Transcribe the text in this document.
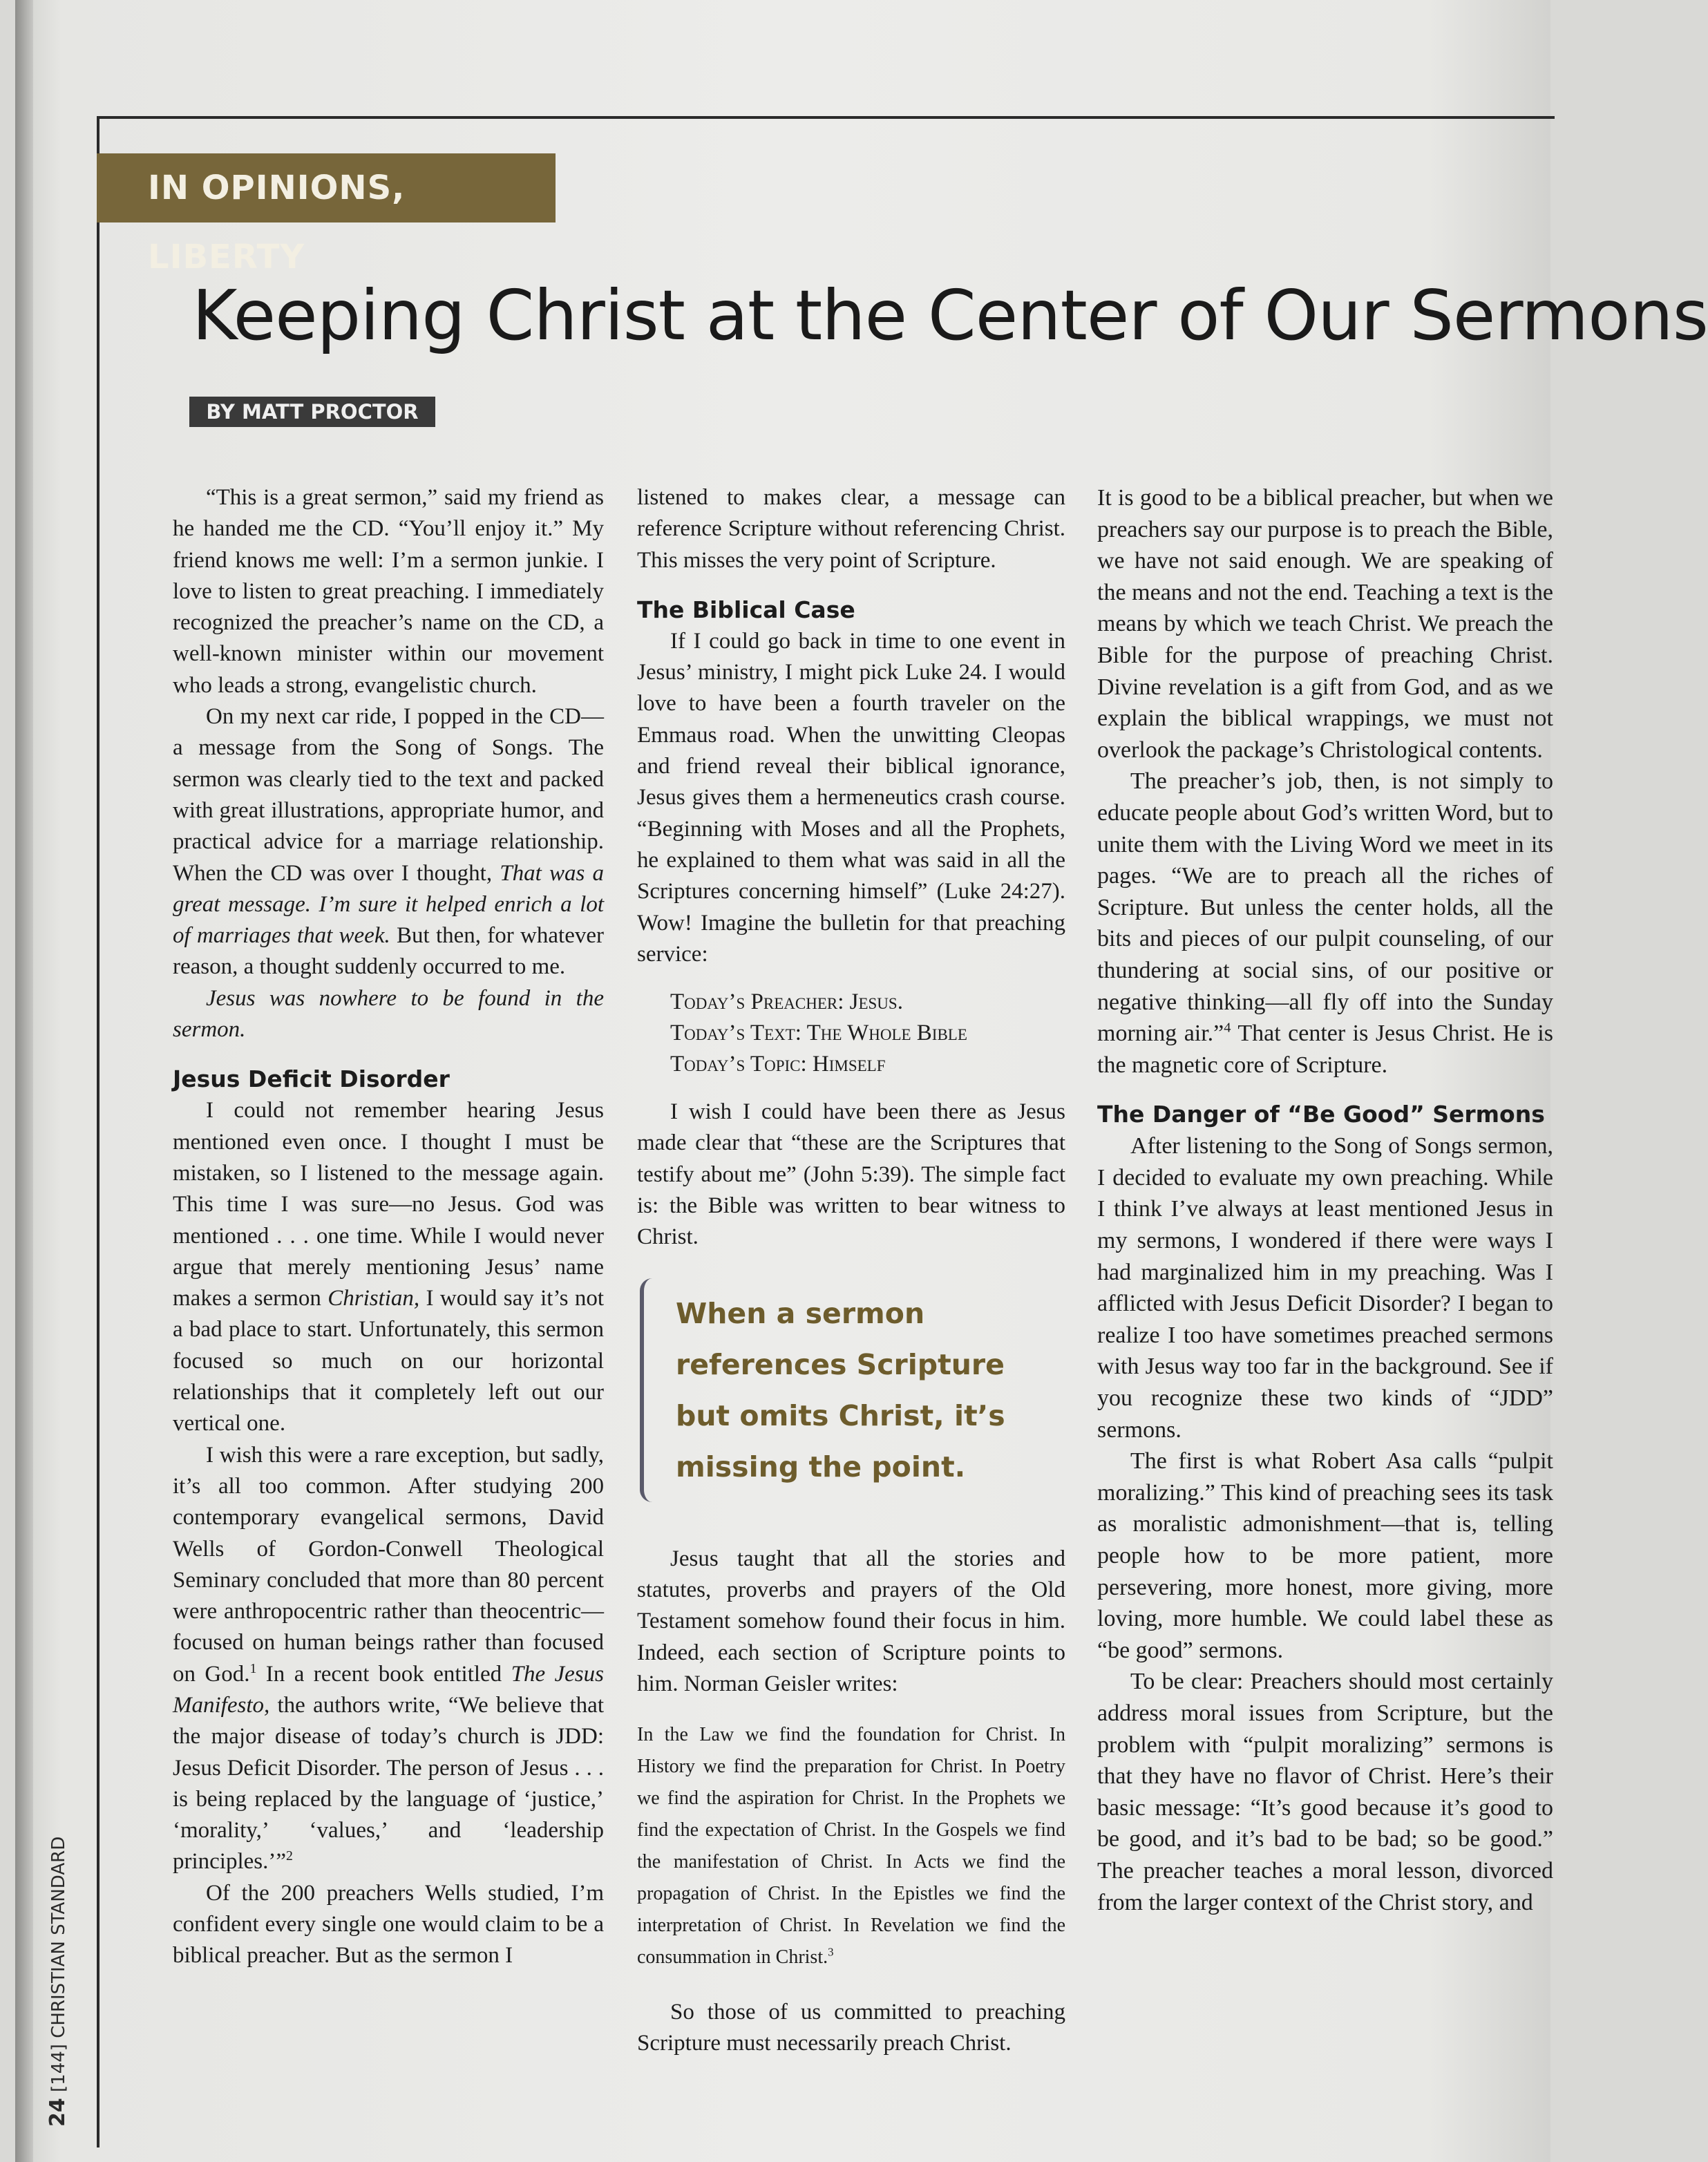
IN OPINIONS, LIBERTY
Keeping Christ at the Center of Our Sermons
BY MATT PROCTOR

“This is a great sermon,” said my friend as he handed me the CD. “You’ll enjoy it.” My friend knows me well: I’m a sermon junkie. I love to listen to great preaching. I immediately recognized the preacher’s name on the CD, a well-known minister within our movement who leads a strong, evangelistic church.

On my next car ride, I popped in the CD—a message from the Song of Songs. The sermon was clearly tied to the text and packed with great illustrations, appropriate humor, and practical advice for a marriage relationship. When the CD was over I thought, That was a great message. I’m sure it helped enrich a lot of marriages that week. But then, for whatever reason, a thought suddenly occurred to me.

Jesus was nowhere to be found in the sermon.

Jesus Deficit Disorder

I could not remember hearing Jesus mentioned even once. I thought I must be mistaken, so I listened to the message again. This time I was sure—no Jesus. God was mentioned . . . one time. While I would never argue that merely mentioning Jesus’ name makes a sermon Christian, I would say it’s not a bad place to start. Unfortunately, this sermon focused so much on our horizontal relationships that it completely left out our vertical one.

I wish this were a rare exception, but sadly, it’s all too common. After studying 200 contemporary evangelical sermons, David Wells of Gordon-Conwell Theological Seminary concluded that more than 80 percent were anthropocentric rather than theocentric—focused on human beings rather than focused on God.$^1$ In a recent book entitled The Jesus Manifesto, the authors write, “We believe that the major disease of today’s church is JDD: Jesus Deficit Disorder. The person of Jesus . . . is being replaced by the language of ‘justice,’ ‘morality,’ ‘values,’ and ‘leadership principles.’”$^2$

Of the 200 preachers Wells studied, I’m confident every single one would claim to be a biblical preacher. But as the sermon I

listened to makes clear, a message can reference Scripture without referencing Christ. This misses the very point of Scripture.

The Biblical Case

If I could go back in time to one event in Jesus’ ministry, I might pick Luke 24. I would love to have been a fourth traveler on the Emmaus road. When the unwitting Cleopas and friend reveal their biblical ignorance, Jesus gives them a hermeneutics crash course. “Beginning with Moses and all the Prophets, he explained to them what was said in all the Scriptures concerning himself” (Luke 24:27). Wow! Imagine the bulletin for that preaching service:

Today’s Preacher: Jesus.
Today’s Text: The Whole Bible
Today’s Topic: Himself

I wish I could have been there as Jesus made clear that “these are the Scriptures that testify about me” (John 5:39). The simple fact is: the Bible was written to bear witness to Christ.

When a sermon references Scripture but omits Christ, it’s missing the point.

Jesus taught that all the stories and statutes, proverbs and prayers of the Old Testament somehow found their focus in him. Indeed, each section of Scripture points to him. Norman Geisler writes:

In the Law we find the foundation for Christ. In History we find the preparation for Christ. In Poetry we find the aspiration for Christ. In the Prophets we find the expectation of Christ. In the Gospels we find the manifestation of Christ. In Acts we find the propagation of Christ. In the Epistles we find the interpretation of Christ. In Revelation we find the consummation in Christ.$^3$

So those of us committed to preaching Scripture must necessarily preach Christ.

It is good to be a biblical preacher, but when we preachers say our purpose is to preach the Bible, we have not said enough. We are speaking of the means and not the end. Teaching a text is the means by which we teach Christ. We preach the Bible for the purpose of preaching Christ. Divine revelation is a gift from God, and as we explain the biblical wrappings, we must not overlook the package’s Christological contents.

The preacher’s job, then, is not simply to educate people about God’s written Word, but to unite them with the Living Word we meet in its pages. “We are to preach all the riches of Scripture. But unless the center holds, all the bits and pieces of our pulpit counseling, of our thundering at social sins, of our positive or negative thinking—all fly off into the Sunday morning air.”$^4$ That center is Jesus Christ. He is the magnetic core of Scripture.

The Danger of “Be Good” Sermons

After listening to the Song of Songs sermon, I decided to evaluate my own preaching. While I think I’ve always at least mentioned Jesus in my sermons, I wondered if there were ways I had marginalized him in my preaching. Was I afflicted with Jesus Deficit Disorder? I began to realize I too have sometimes preached sermons with Jesus way too far in the background. See if you recognize these two kinds of “JDD” sermons.

The first is what Robert Asa calls “pulpit moralizing.” This kind of preaching sees its task as moralistic admonishment—that is, telling people how to be more patient, more persevering, more honest, more giving, more loving, more humble. We could label these as “be good” sermons.

To be clear: Preachers should most certainly address moral issues from Scripture, but the problem with “pulpit moralizing” sermons is that they have no flavor of Christ. Here’s their basic message: “It’s good because it’s good to be good, and it’s bad to be bad; so be good.” The preacher teaches a moral lesson, divorced from the larger context of the Christ story, and

24 [144] CHRISTIAN STANDARD
